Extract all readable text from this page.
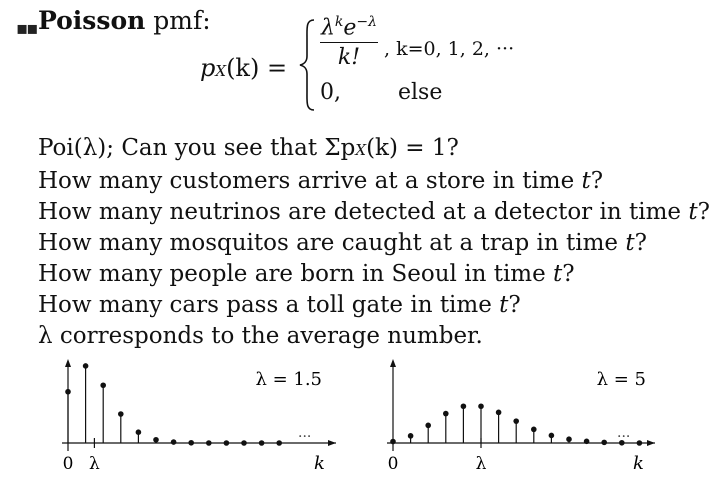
▪▪ Poisson pmf:
pX(k) =
$\lambda^ke^{-\lambda}$
k!	, k=0, 1, 2, ···
0,	else
Poi(λ); Can you see that ΣpX(k) = 1?
How many customers arrive at a store in time t?
How many neutrinos are detected at a detector in time t?
How many mosquitos are caught at a trap in time t?
How many people are born in Seoul in time t?
How many cars pass a toll gate in time t?
λ corresponds to the average number.
0 λ	k
···
λ = 1.5
0	λ	k
···
λ = 5
